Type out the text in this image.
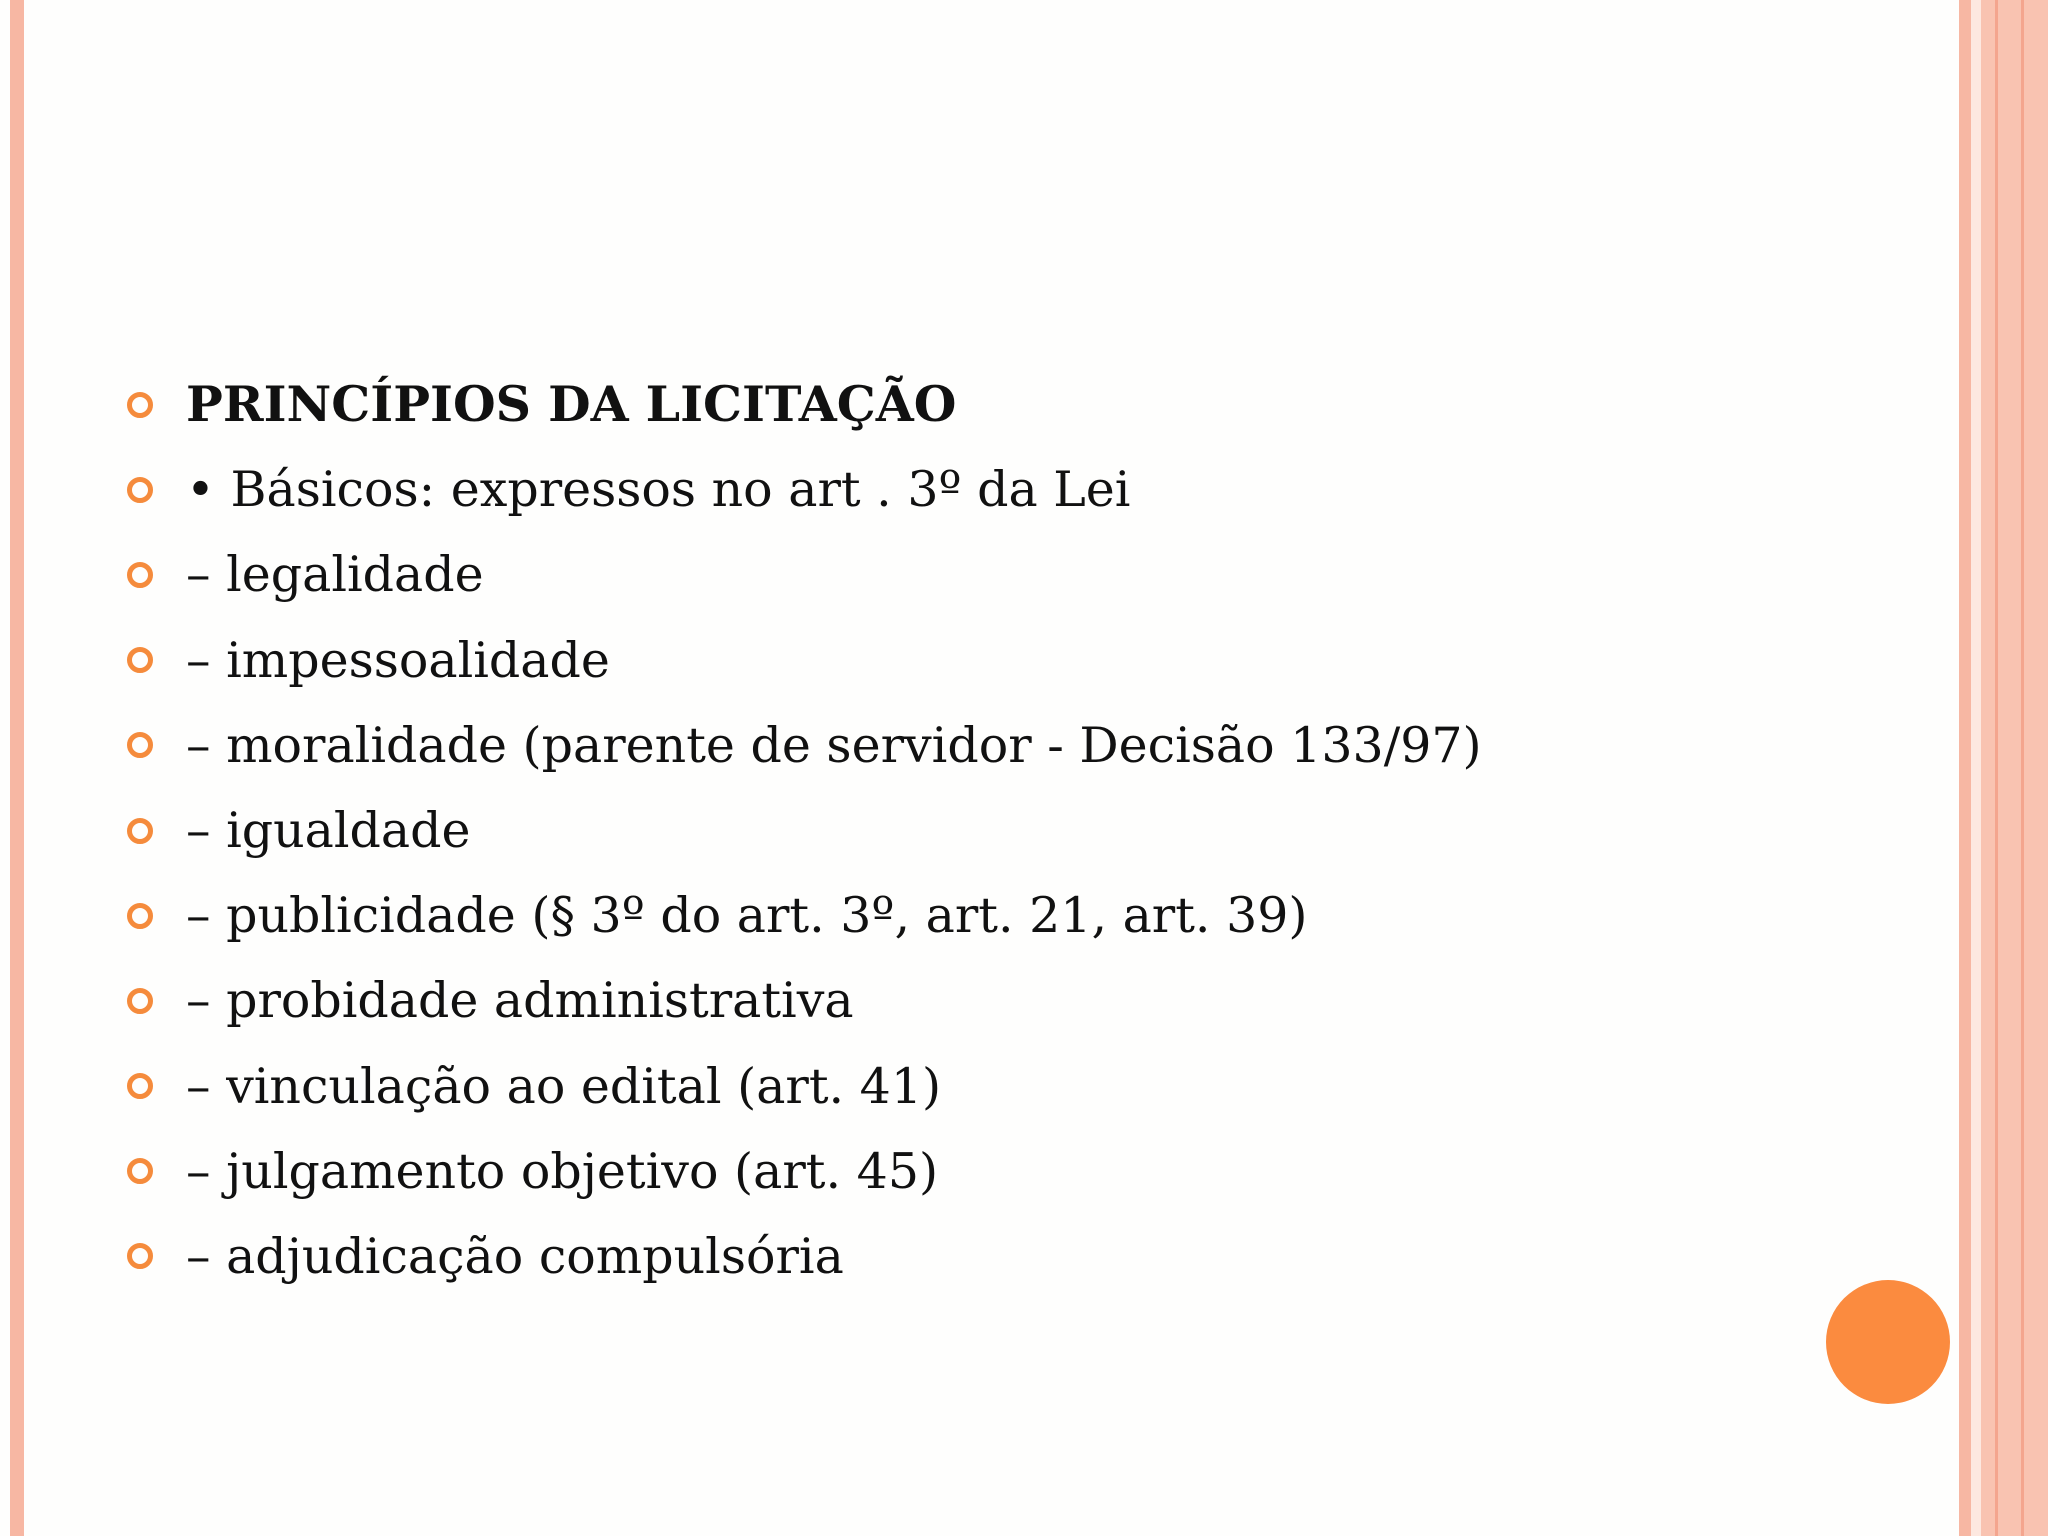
PRINCÍPIOS DA LICITAÇÃO
• Básicos: expressos no art . 3º da Lei
– legalidade
– impessoalidade
– moralidade (parente de servidor - Decisão 133/97)
– igualdade
– publicidade (§ 3º do art. 3º, art. 21, art. 39)
– probidade administrativa
– vinculação ao edital (art. 41)
– julgamento objetivo (art. 45)
– adjudicação compulsória
